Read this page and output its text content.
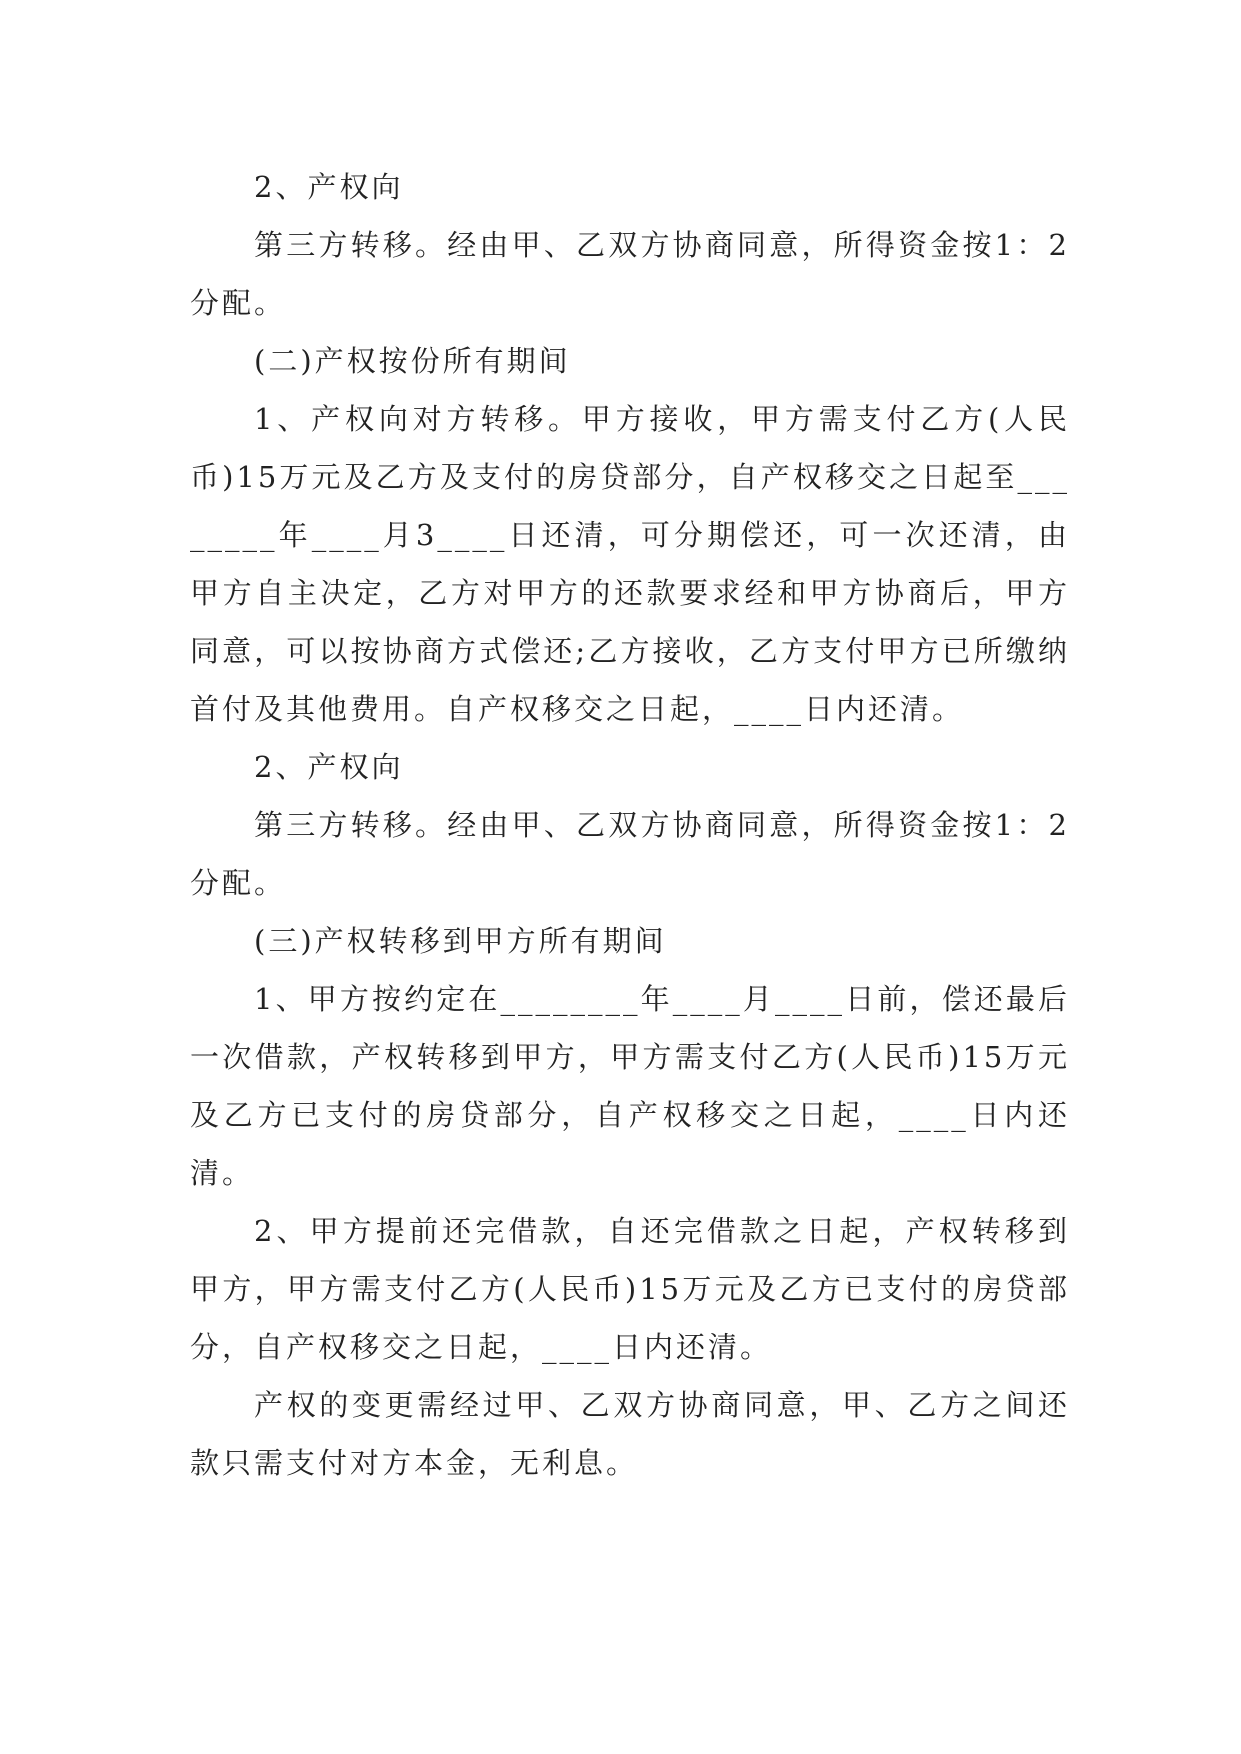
2、产权向

第三方转移。经由甲、乙双方协商同意，所得资金按1：2分配。

(二)产权按份所有期间

1、产权向对方转移。甲方接收，甲方需支付乙方(人民币)15万元及乙方及支付的房贷部分，自产权移交之日起至________年____月3____日还清，可分期偿还，可一次还清，由甲方自主决定，乙方对甲方的还款要求经和甲方协商后，甲方同意，可以按协商方式偿还;乙方接收，乙方支付甲方已所缴纳首付及其他费用。自产权移交之日起，____日内还清。

2、产权向

第三方转移。经由甲、乙双方协商同意，所得资金按1：2分配。

(三)产权转移到甲方所有期间

1、甲方按约定在________年____月____日前，偿还最后一次借款，产权转移到甲方，甲方需支付乙方(人民币)15万元及乙方已支付的房贷部分，自产权移交之日起，____日内还清。

2、甲方提前还完借款，自还完借款之日起，产权转移到甲方，甲方需支付乙方(人民币)15万元及乙方已支付的房贷部分，自产权移交之日起，____日内还清。

产权的变更需经过甲、乙双方协商同意，甲、乙方之间还款只需支付对方本金，无利息。
